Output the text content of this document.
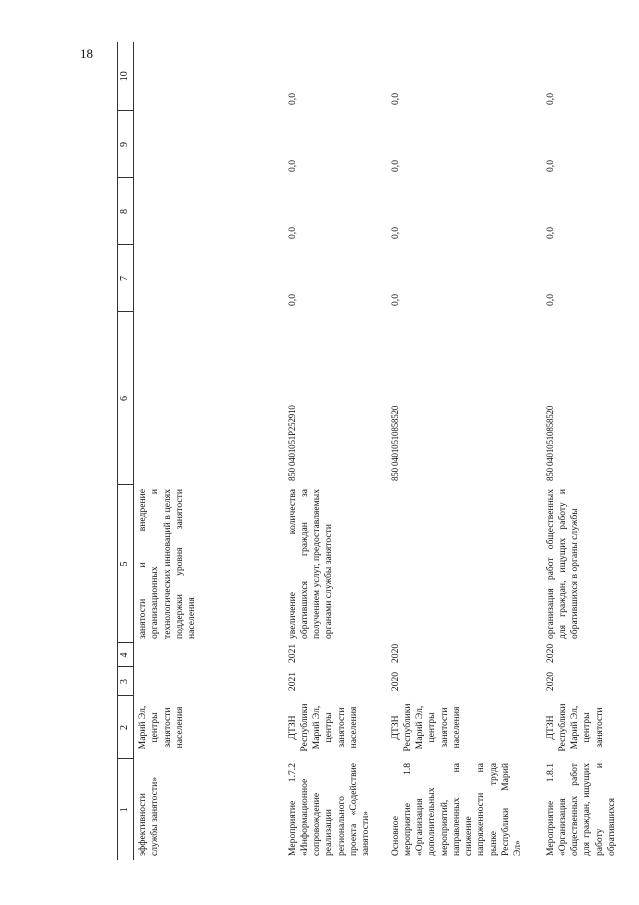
18
1	2	3	4	5	6	7	8	9	10
эффективности службы занятости»	Марий Эл, центры занятости населения			занятости и внедрение организационных и технологических инноваций в целях поддержки уровня занятости населения					
Мероприятие 1.7.2 «Информационное сопровождение реализации регионального проекта «Содействие занятости»	ДТЗН Республики Марий Эл, центры занятости населения	2021	2021	увеличение количества обратившихся граждан за получением услуг, предоставляемых органами службы занятости	850 0401051P252910	0,0	0,0	0,0	0,0
Основное мероприятие 1.8 «Организация дополнительных мероприятий, направленных на снижение напряженности на рынке труда Республики Марий Эл»	ДТЗН Республики Марий Эл, центры занятости населения	2020	2020		850 04010510858520	0,0	0,0	0,0	0,0
Мероприятие 1.8.1 «Организация общественных работ для граждан, ищущих работу и обратившихся	ДТЗН Республики Марий Эл, центры занятости	2020	2020	организация работ общественных для граждан, ищущих работу и обратившихся в органы службы	850 04010510858520	0,0	0,0	0,0	0,0
